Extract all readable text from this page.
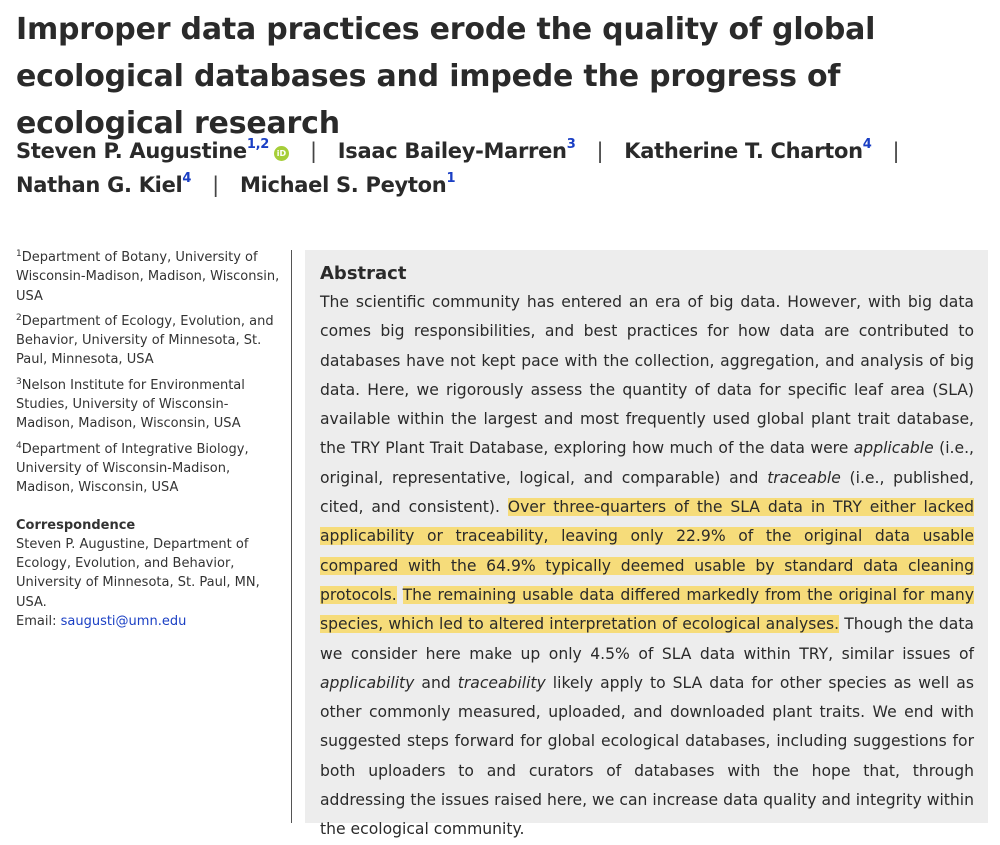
Improper data practices erode the quality of global ecological databases and impede the progress of ecological research
Steven P. Augustine$^{1,2}$iD | Isaac Bailey-Marren$^3$ | Katherine T. Charton$^4$ |
Nathan G. Kiel$^4$ | Michael S. Peyton$^1$
$^1$Department of Botany, University of Wisconsin-Madison, Madison, Wisconsin, USA
$^2$Department of Ecology, Evolution, and Behavior, University of Minnesota, St. Paul, Minnesota, USA
$^3$Nelson Institute for Environmental Studies, University of Wisconsin-Madison, Madison, Wisconsin, USA
$^4$Department of Integrative Biology, University of Wisconsin-Madison, Madison, Wisconsin, USA
Correspondence
Steven P. Augustine, Department of Ecology, Evolution, and Behavior, University of Minnesota, St. Paul, MN, USA.
Email: saugusti@umn.edu
Abstract

The scientific community has entered an era of big data. However, with big data comes big responsibilities, and best practices for how data are contributed to databases have not kept pace with the collection, aggregation, and analysis of big data. Here, we rigorously assess the quantity of data for specific leaf area (SLA) available within the largest and most frequently used global plant trait database, the TRY Plant Trait Database, exploring how much of the data were applicable (i.e., original, representative, logical, and comparable) and traceable (i.e., published, cited, and consistent). Over three-quarters of the SLA data in TRY either lacked applicability or traceability, leaving only 22.9% of the original data usable compared with the 64.9% typically deemed usable by standard data cleaning protocols. The remaining usable data differed markedly from the original for many species, which led to altered interpretation of ecological analyses. Though the data we consider here make up only 4.5% of SLA data within TRY, similar issues of applicability and traceability likely apply to SLA data for other species as well as other commonly measured, uploaded, and downloaded plant traits. We end with suggested steps forward for global ecological databases, including suggestions for both uploaders to and curators of databases with the hope that, through addressing the issues raised here, we can increase data quality and integrity within the ecological community.
